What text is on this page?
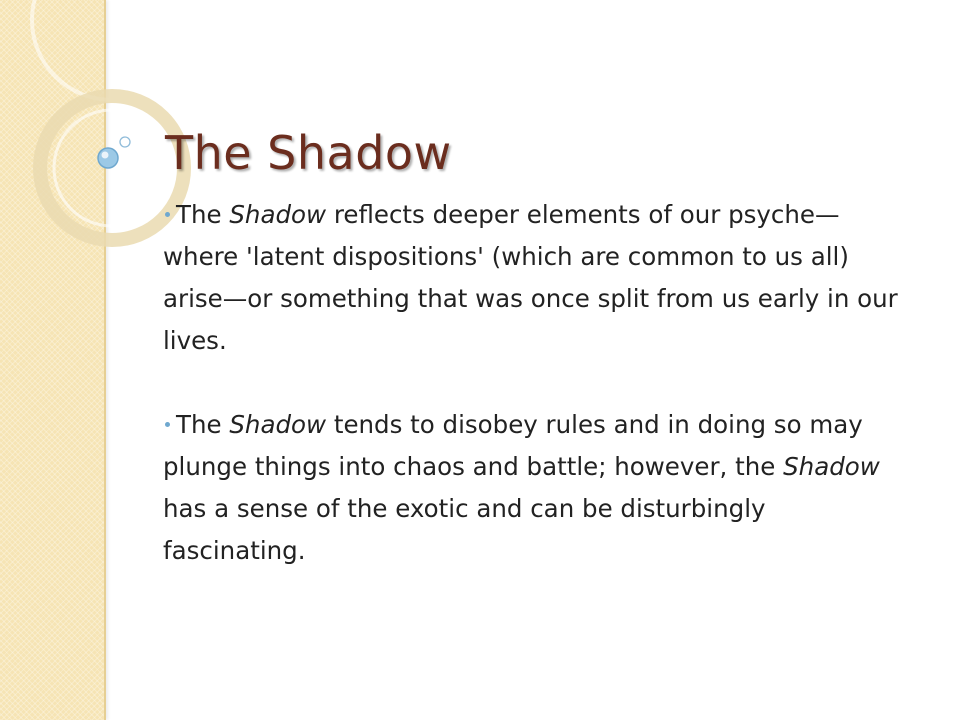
The Shadow
The Shadow reflects deeper elements of our psyche—where 'latent dispositions' (which are common to us all) arise—or something that was once split from us early in our lives.
The Shadow tends to disobey rules and in doing so may plunge things into chaos and battle; however, the Shadow has a sense of the exotic and can be disturbingly fascinating.
